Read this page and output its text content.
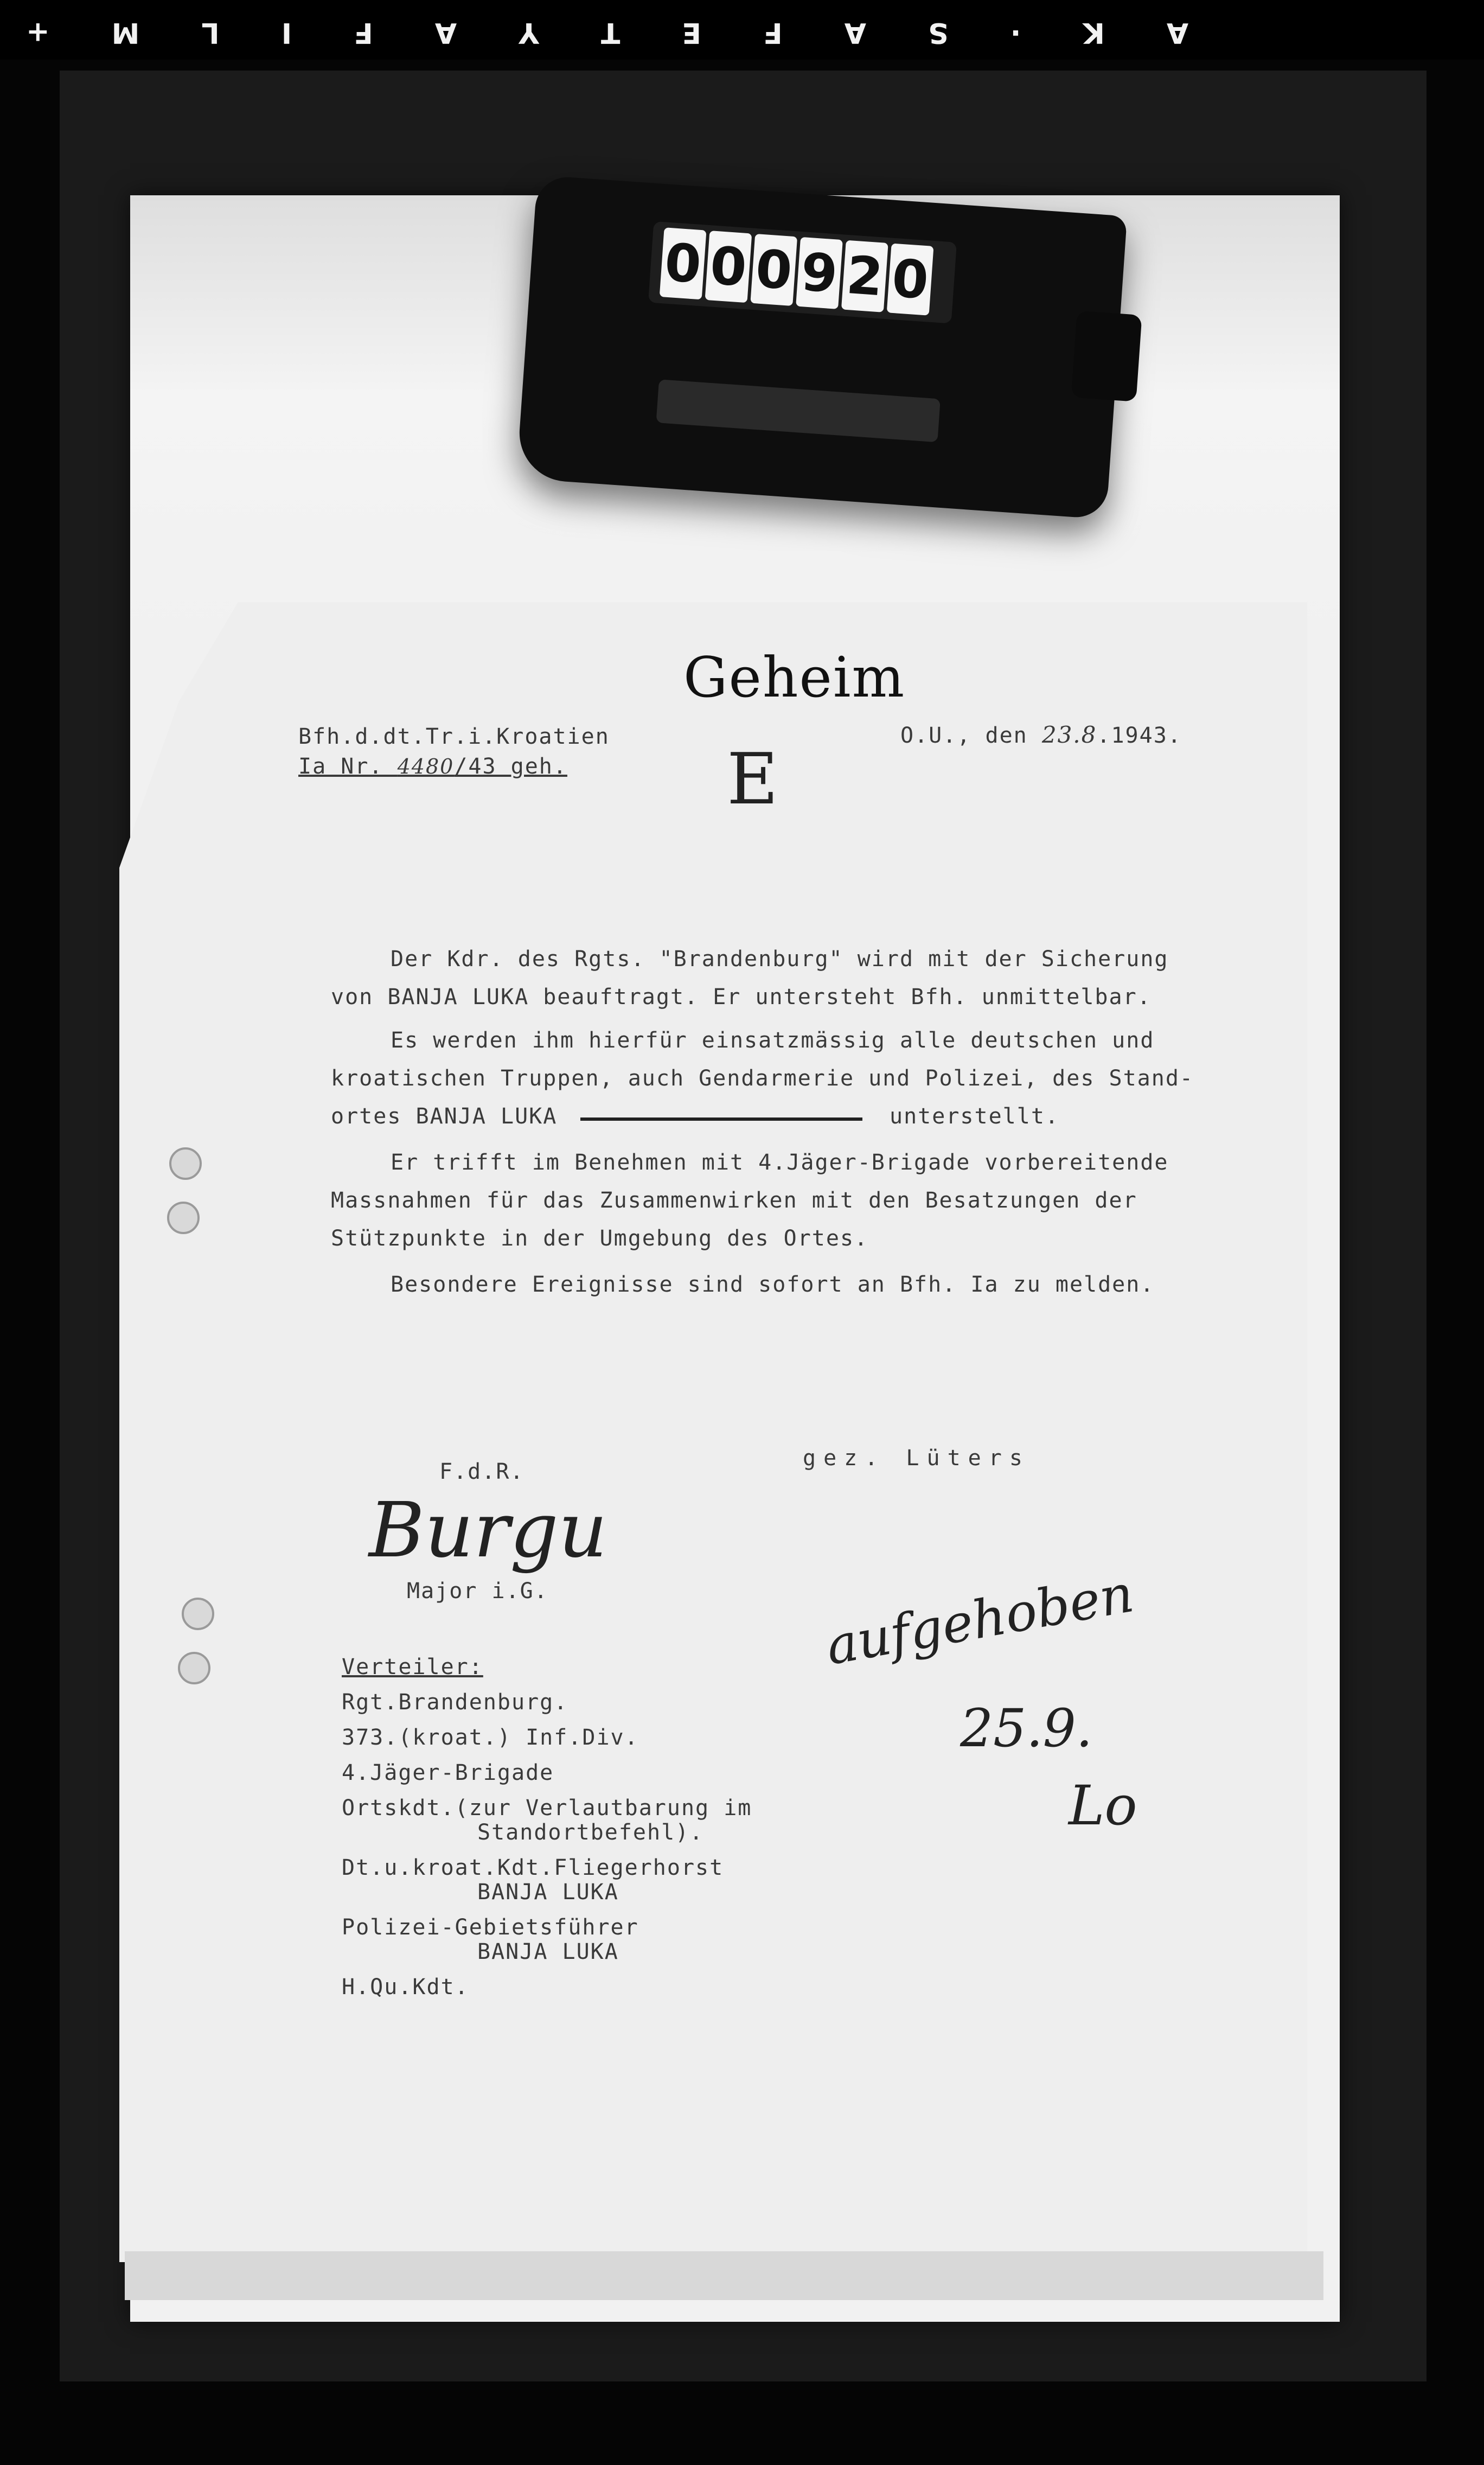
A K · S A F E T Y A F I L M +
0 0 0 9 2 0
Geheim
Bfh.d.dt.Tr.i.Kroatien
Ia Nr. 4480/43 geh.
O.U., den 23.8.1943.
E
Der Kdr. des Rgts. "Brandenburg" wird mit der Sicherung
von BANJA LUKA beauftragt. Er untersteht Bfh. unmittelbar.
Es werden ihm hierfür einsatzmässig alle deutschen und
kroatischen Truppen, auch Gendarmerie und Polizei, des Stand-
ortes BANJA LUKA	unterstellt.
Er trifft im Benehmen mit 4.Jäger-Brigade vorbereitende
Massnahmen für das Zusammenwirken mit den Besatzungen der
Stützpunkte in der Umgebung des Ortes.
Besondere Ereignisse sind sofort an Bfh. Ia zu melden.
F.d.R.
Burgu
Major i.G.
gez. Lüters
aufgehoben
25.9.
Lo
Verteiler:
Rgt.Brandenburg.
373.(kroat.) Inf.Div.
4.Jäger-Brigade
Ortskdt.(zur Verlautbarung im
Standortbefehl).
Dt.u.kroat.Kdt.Fliegerhorst
BANJA LUKA
Polizei-Gebietsführer
BANJA LUKA
H.Qu.Kdt.
